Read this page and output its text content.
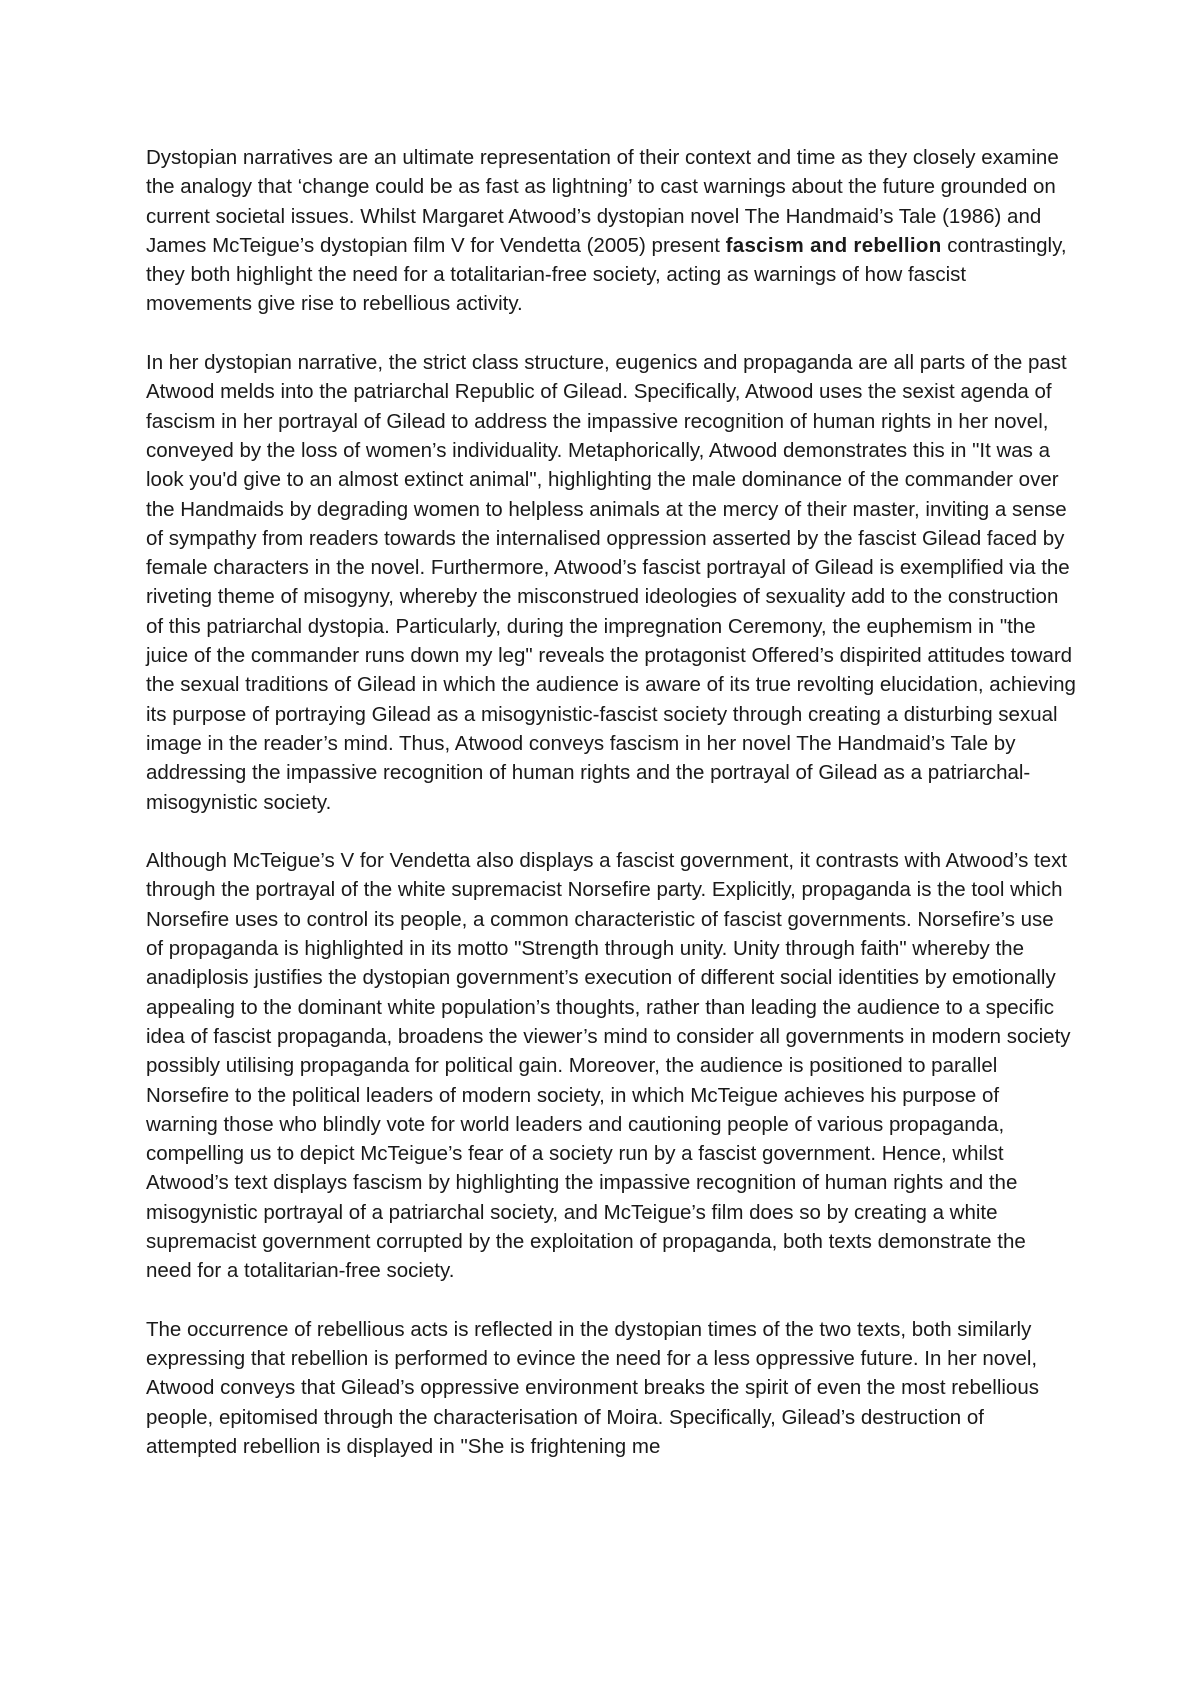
Dystopian narratives are an ultimate representation of their context and time as they closely examine the analogy that ‘change could be as fast as lightning’ to cast warnings about the future grounded on current societal issues. Whilst Margaret Atwood’s dystopian novel The Handmaid’s Tale (1986) and James McTeigue’s dystopian film V for Vendetta (2005) present fascism and rebellion contrastingly, they both highlight the need for a totalitarian-free society, acting as warnings of how fascist movements give rise to rebellious activity.

In her dystopian narrative, the strict class structure, eugenics and propaganda are all parts of the past Atwood melds into the patriarchal Republic of Gilead. Specifically, Atwood uses the sexist agenda of fascism in her portrayal of Gilead to address the impassive recognition of human rights in her novel, conveyed by the loss of women’s individuality. Metaphorically, Atwood demonstrates this in "It was a look you'd give to an almost extinct animal", highlighting the male dominance of the commander over the Handmaids by degrading women to helpless animals at the mercy of their master, inviting a sense of sympathy from readers towards the internalised oppression asserted by the fascist Gilead faced by female characters in the novel. Furthermore, Atwood’s fascist portrayal of Gilead is exemplified via the riveting theme of misogyny, whereby the misconstrued ideologies of sexuality add to the construction of this patriarchal dystopia. Particularly, during the impregnation Ceremony, the euphemism in "the juice of the commander runs down my leg" reveals the protagonist Offered’s dispirited attitudes toward the sexual traditions of Gilead in which the audience is aware of its true revolting elucidation, achieving its purpose of portraying Gilead as a misogynistic-fascist society through creating a disturbing sexual image in the reader’s mind. Thus, Atwood conveys fascism in her novel The Handmaid’s Tale by addressing the impassive recognition of human rights and the portrayal of Gilead as a patriarchal-misogynistic society.

Although McTeigue’s V for Vendetta also displays a fascist government, it contrasts with Atwood’s text through the portrayal of the white supremacist Norsefire party. Explicitly, propaganda is the tool which Norsefire uses to control its people, a common characteristic of fascist governments. Norsefire’s use of propaganda is highlighted in its motto "Strength through unity. Unity through faith" whereby the anadiplosis justifies the dystopian government’s execution of different social identities by emotionally appealing to the dominant white population’s thoughts, rather than leading the audience to a specific idea of fascist propaganda, broadens the viewer’s mind to consider all governments in modern society possibly utilising propaganda for political gain. Moreover, the audience is positioned to parallel Norsefire to the political leaders of modern society, in which McTeigue achieves his purpose of warning those who blindly vote for world leaders and cautioning people of various propaganda, compelling us to depict McTeigue’s fear of a society run by a fascist government. Hence, whilst Atwood’s text displays fascism by highlighting the impassive recognition of human rights and the misogynistic portrayal of a patriarchal society, and McTeigue’s film does so by creating a white supremacist government corrupted by the exploitation of propaganda, both texts demonstrate the need for a totalitarian-free society.

The occurrence of rebellious acts is reflected in the dystopian times of the two texts, both similarly expressing that rebellion is performed to evince the need for a less oppressive future. In her novel, Atwood conveys that Gilead’s oppressive environment breaks the spirit of even the most rebellious people, epitomised through the characterisation of Moira. Specifically, Gilead’s destruction of attempted rebellion is displayed in "She is frightening me
